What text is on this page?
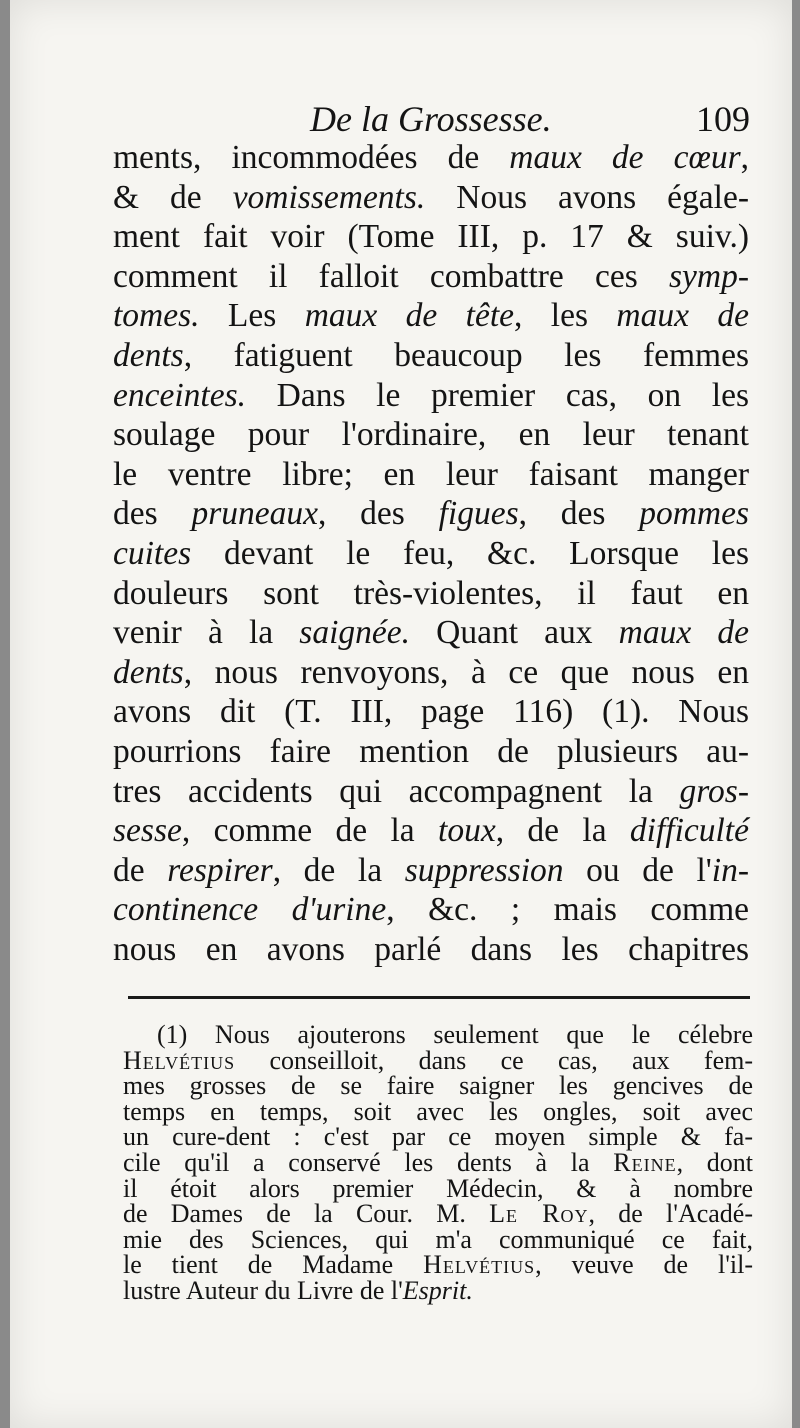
De la Grossesse.	109
ments, incommodées de maux de cœur,
& de vomissements. Nous avons égale-
ment fait voir (Tome III, p. 17 & suiv.)
comment il falloit combattre ces symp-
tomes. Les maux de tête, les maux de
dents, fatiguent beaucoup les femmes
enceintes. Dans le premier cas, on les
soulage pour l'ordinaire, en leur tenant
le ventre libre; en leur faisant manger
des pruneaux, des figues, des pommes
cuites devant le feu, &c. Lorsque les
douleurs sont très-violentes, il faut en
venir à la saignée. Quant aux maux de
dents, nous renvoyons, à ce que nous en
avons dit (T. III, page 116) (1). Nous
pourrions faire mention de plusieurs au-
tres accidents qui accompagnent la gros-
sesse, comme de la toux, de la difficulté
de respirer, de la suppression ou de l'in-
continence d'urine, &c. ; mais comme
nous en avons parlé dans les chapitres
(1) Nous ajouterons seulement que le célebre
Helvétius conseilloit, dans ce cas, aux fem-
mes grosses de se faire saigner les gencives de
temps en temps, soit avec les ongles, soit avec
un cure-dent : c'est par ce moyen simple & fa-
cile qu'il a conservé les dents à la Reine, dont
il étoit alors premier Médecin, & à nombre
de Dames de la Cour. M. Le Roy, de l'Acadé-
mie des Sciences, qui m'a communiqué ce fait,
le tient de Madame Helvétius, veuve de l'il-
lustre Auteur du Livre de l'Esprit.
